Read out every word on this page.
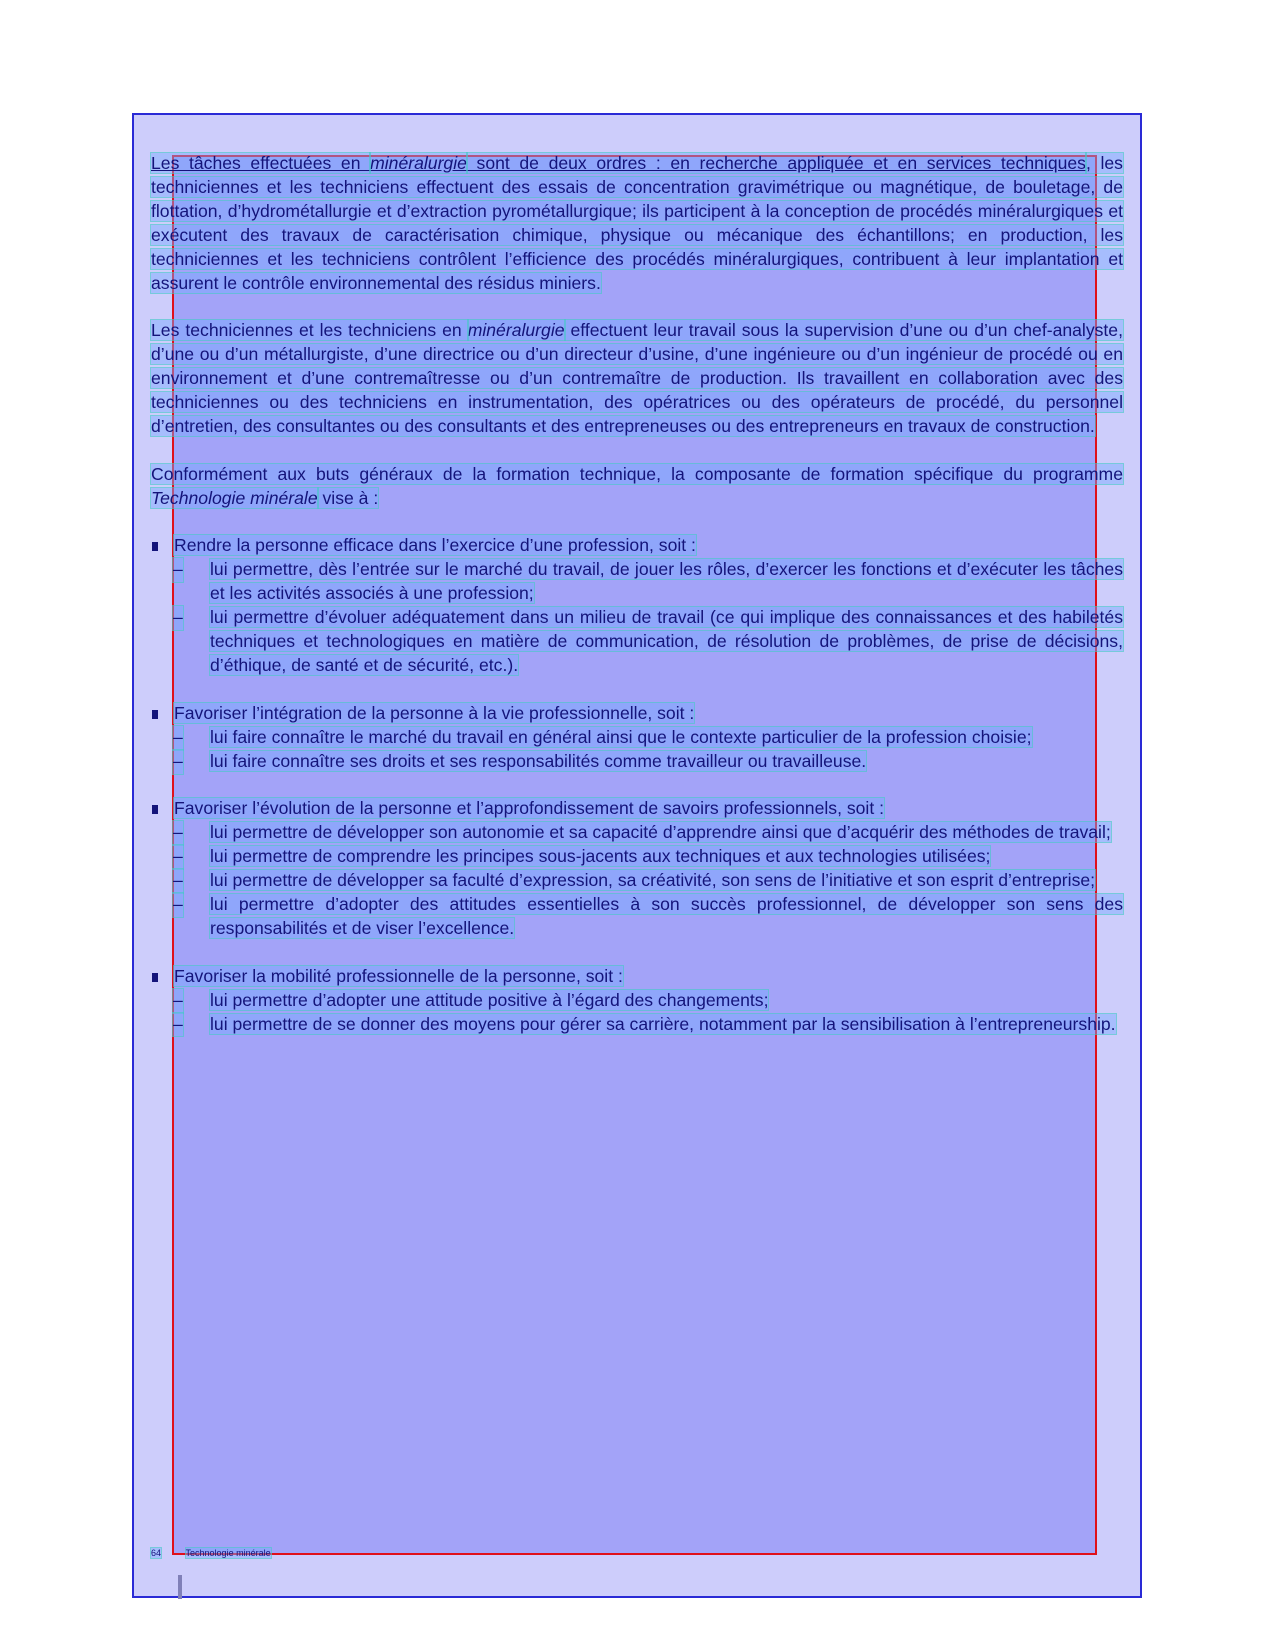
Les tâches effectuées en minéralurgie sont de deux ordres : en recherche appliquée et en services techniques, les techniciennes et les techniciens effectuent des essais de concentration gravimétrique ou magnétique, de bouletage, de flottation, d’hydrométallurgie et d’extraction pyrométallurgique; ils participent à la conception de procédés minéralurgiques et exécutent des travaux de caractérisation chimique, physique ou mécanique des échantillons; en production, les techniciennes et les techniciens contrôlent l’efficience des procédés minéralurgiques, contribuent à leur implantation et assurent le contrôle environnemental des résidus miniers.

Les techniciennes et les techniciens en minéralurgie effectuent leur travail sous la supervision d’une ou d’un chef-analyste, d’une ou d’un métallurgiste, d’une directrice ou d’un directeur d’usine, d’une ingénieure ou d’un ingénieur de procédé ou en environnement et d’une contremaîtresse ou d’un contremaître de production. Ils travaillent en collaboration avec des techniciennes ou des techniciens en instrumentation, des opératrices ou des opérateurs de procédé, du personnel d’entretien, des consultantes ou des consultants et des entrepreneuses ou des entrepreneurs en travaux de construction.

Conformément aux buts généraux de la formation technique, la composante de formation spécifique du programme Technologie minérale vise à :

Rendre la personne efficace dans l’exercice d’une profession, soit :
– lui permettre, dès l’entrée sur le marché du travail, de jouer les rôles, d’exercer les fonctions et d’exécuter les tâches et les activités associés à une profession;
– lui permettre d’évoluer adéquatement dans un milieu de travail (ce qui implique des connaissances et des habiletés techniques et technologiques en matière de communication, de résolution de problèmes, de prise de décisions, d’éthique, de santé et de sécurité, etc.).
Favoriser l’intégration de la personne à la vie professionnelle, soit :
– lui faire connaître le marché du travail en général ainsi que le contexte particulier de la profession choisie;
– lui faire connaître ses droits et ses responsabilités comme travailleur ou travailleuse.
Favoriser l’évolution de la personne et l’approfondissement de savoirs professionnels, soit :
– lui permettre de développer son autonomie et sa capacité d’apprendre ainsi que d’acquérir des méthodes de travail;
– lui permettre de comprendre les principes sous-jacents aux techniques et aux technologies utilisées;
– lui permettre de développer sa faculté d’expression, sa créativité, son sens de l’initiative et son esprit d’entreprise;
– lui permettre d’adopter des attitudes essentielles à son succès professionnel, de développer son sens des responsabilités et de viser l’excellence.
Favoriser la mobilité professionnelle de la personne, soit :
– lui permettre d’adopter une attitude positive à l’égard des changements;
– lui permettre de se donner des moyens pour gérer sa carrière, notamment par la sensibilisation à l’entrepreneurship.
64	Technologie minérale
